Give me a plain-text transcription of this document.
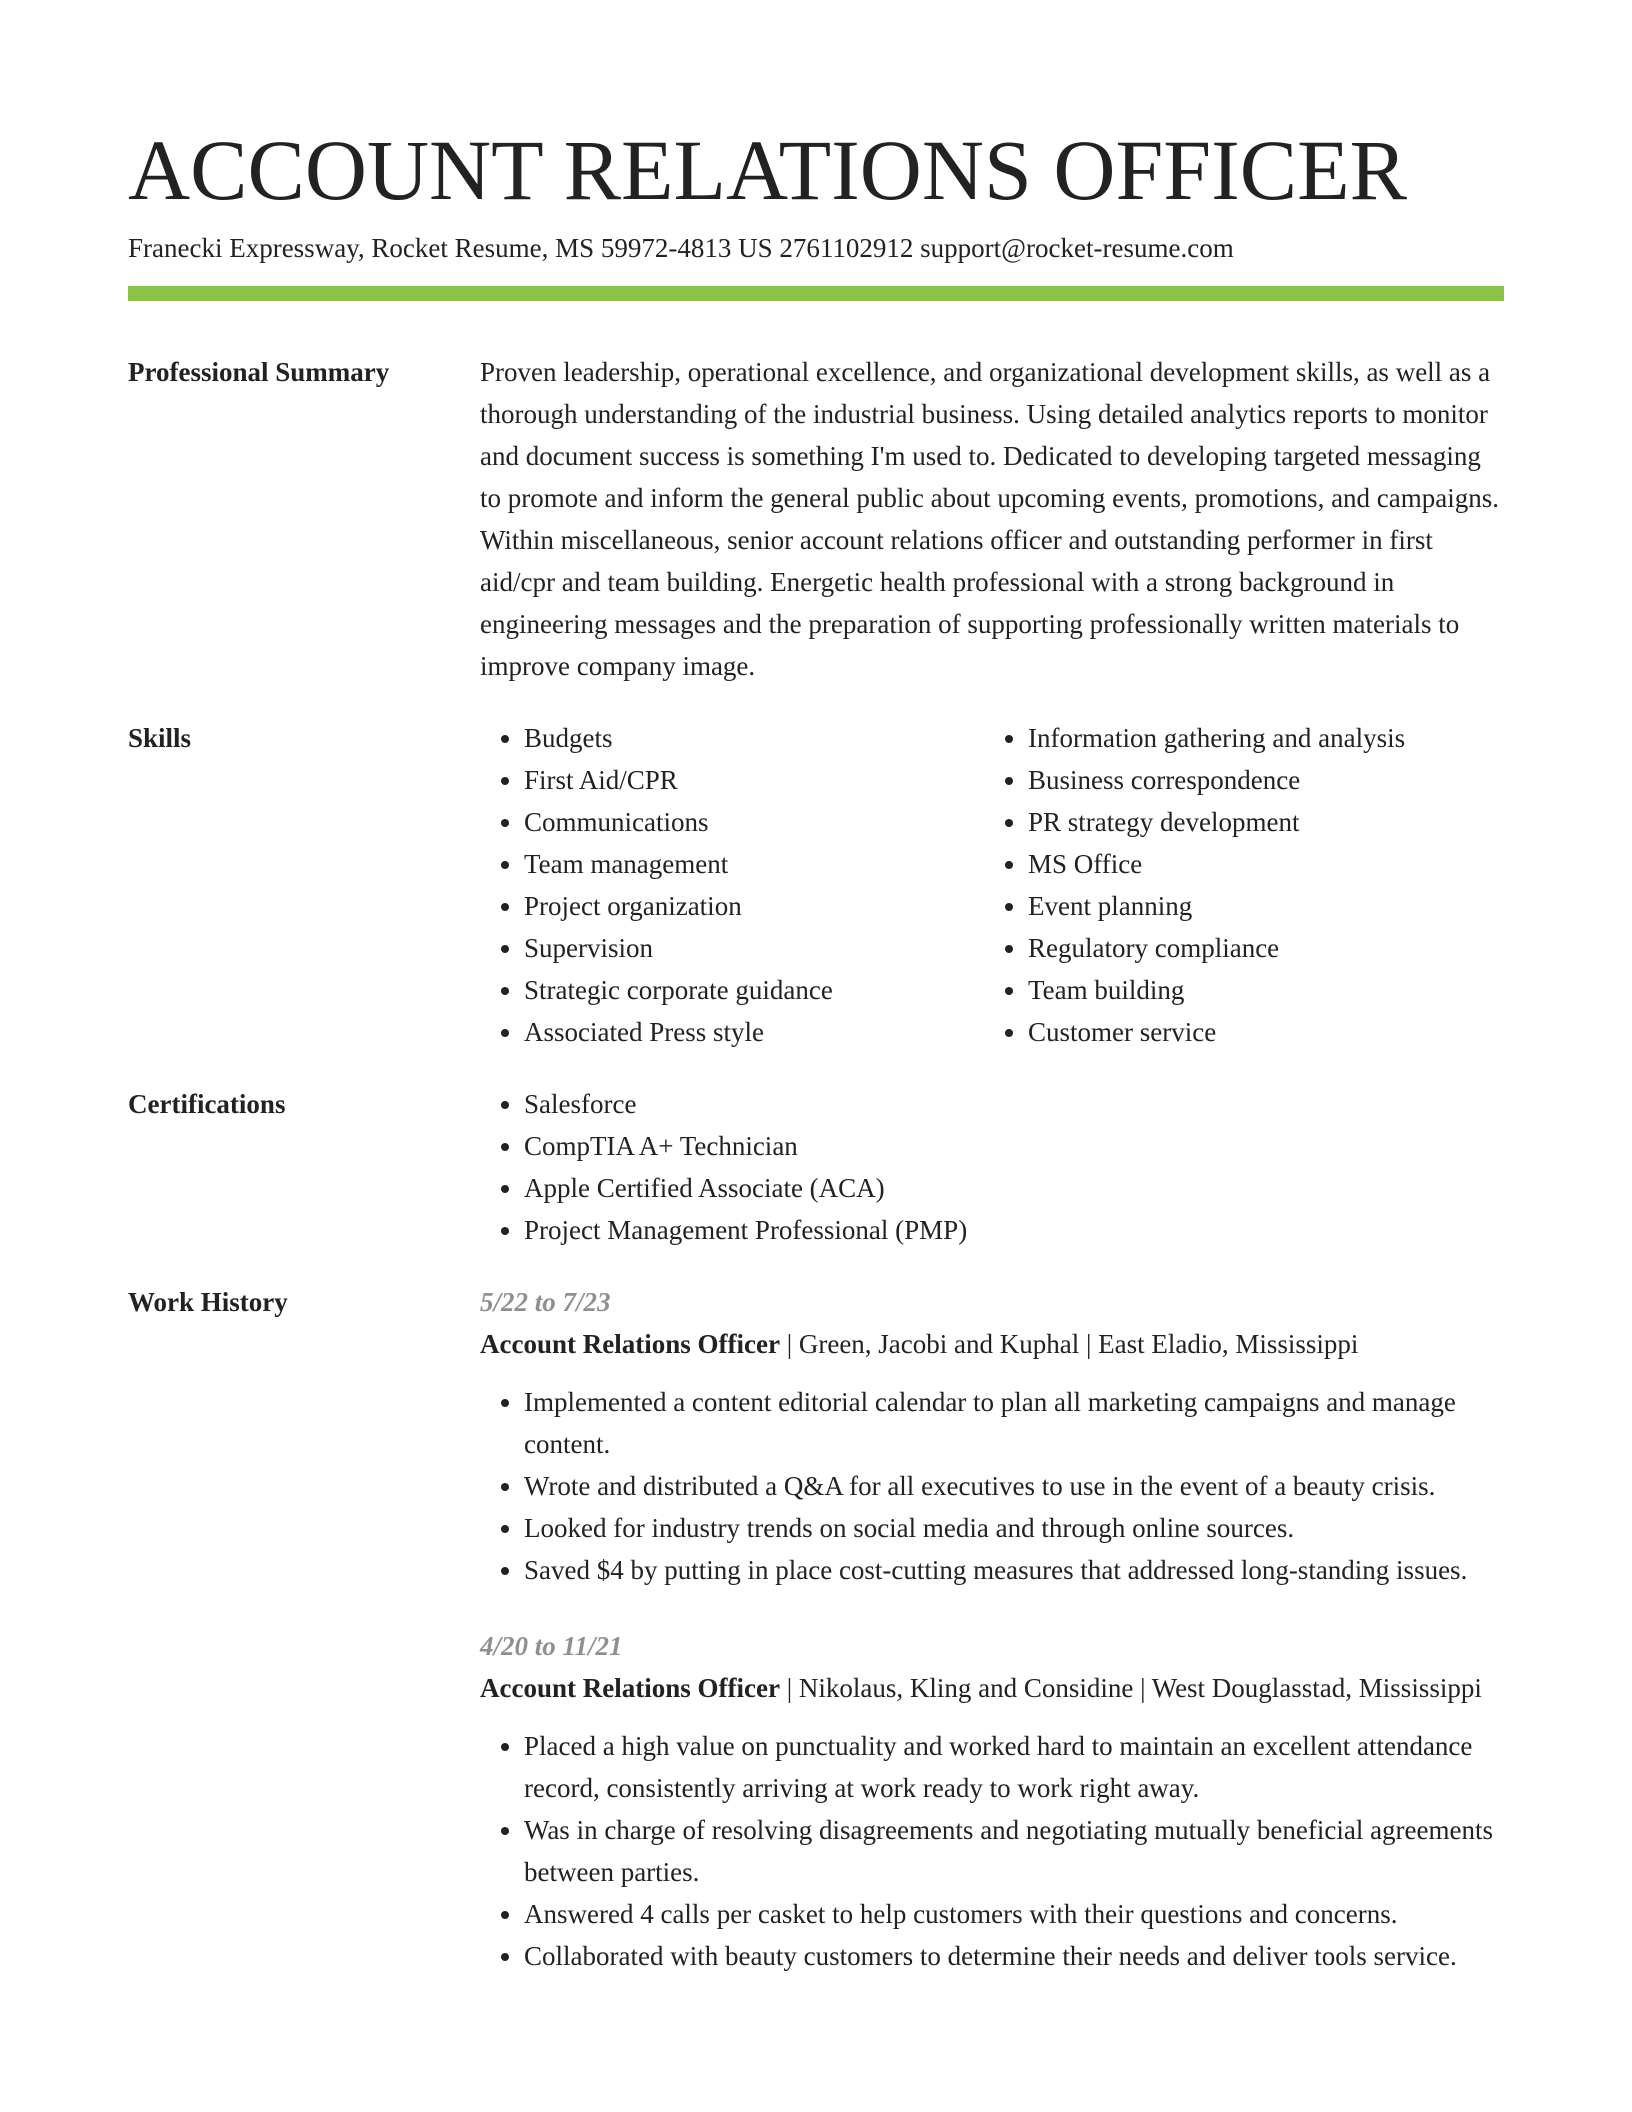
ACCOUNT RELATIONS OFFICER
Franecki Expressway, Rocket Resume, MS 59972-4813 US 2761102912 support@rocket-resume.com
Professional Summary	Proven leadership, operational excellence, and organizational development skills, as well as a thorough understanding of the industrial business. Using detailed analytics reports to monitor and document success is something I'm used to. Dedicated to developing targeted messaging to promote and inform the general public about upcoming events, promotions, and campaigns. Within miscellaneous, senior account relations officer and outstanding performer in first aid/cpr and team building. Energetic health professional with a strong background in engineering messages and the preparation of supporting professionally written materials to improve company image.

Skills	• Budgets
• First Aid/CPR
• Communications
• Team management
• Project organization
• Supervision
• Strategic corporate guidance
• Associated Press style
• Information gathering and analysis
• Business correspondence
• PR strategy development
• MS Office
• Event planning
• Regulatory compliance
• Team building
• Customer service
Certifications	• Salesforce
• CompTIA A+ Technician
• Apple Certified Associate (ACA)
• Project Management Professional (PMP)
Work History	5/22 to 7/23
Account Relations Officer | Green, Jacobi and Kuphal | East Eladio, Mississippi
• Implemented a content editorial calendar to plan all marketing campaigns and manage content.
• Wrote and distributed a Q&A for all executives to use in the event of a beauty crisis.
• Looked for industry trends on social media and through online sources.
• Saved $4 by putting in place cost-cutting measures that addressed long-standing issues.
4/20 to 11/21
Account Relations Officer | Nikolaus, Kling and Considine | West Douglasstad, Mississippi
• Placed a high value on punctuality and worked hard to maintain an excellent attendance record, consistently arriving at work ready to work right away.
• Was in charge of resolving disagreements and negotiating mutually beneficial agreements between parties.
• Answered 4 calls per casket to help customers with their questions and concerns.
• Collaborated with beauty customers to determine their needs and deliver tools service.
